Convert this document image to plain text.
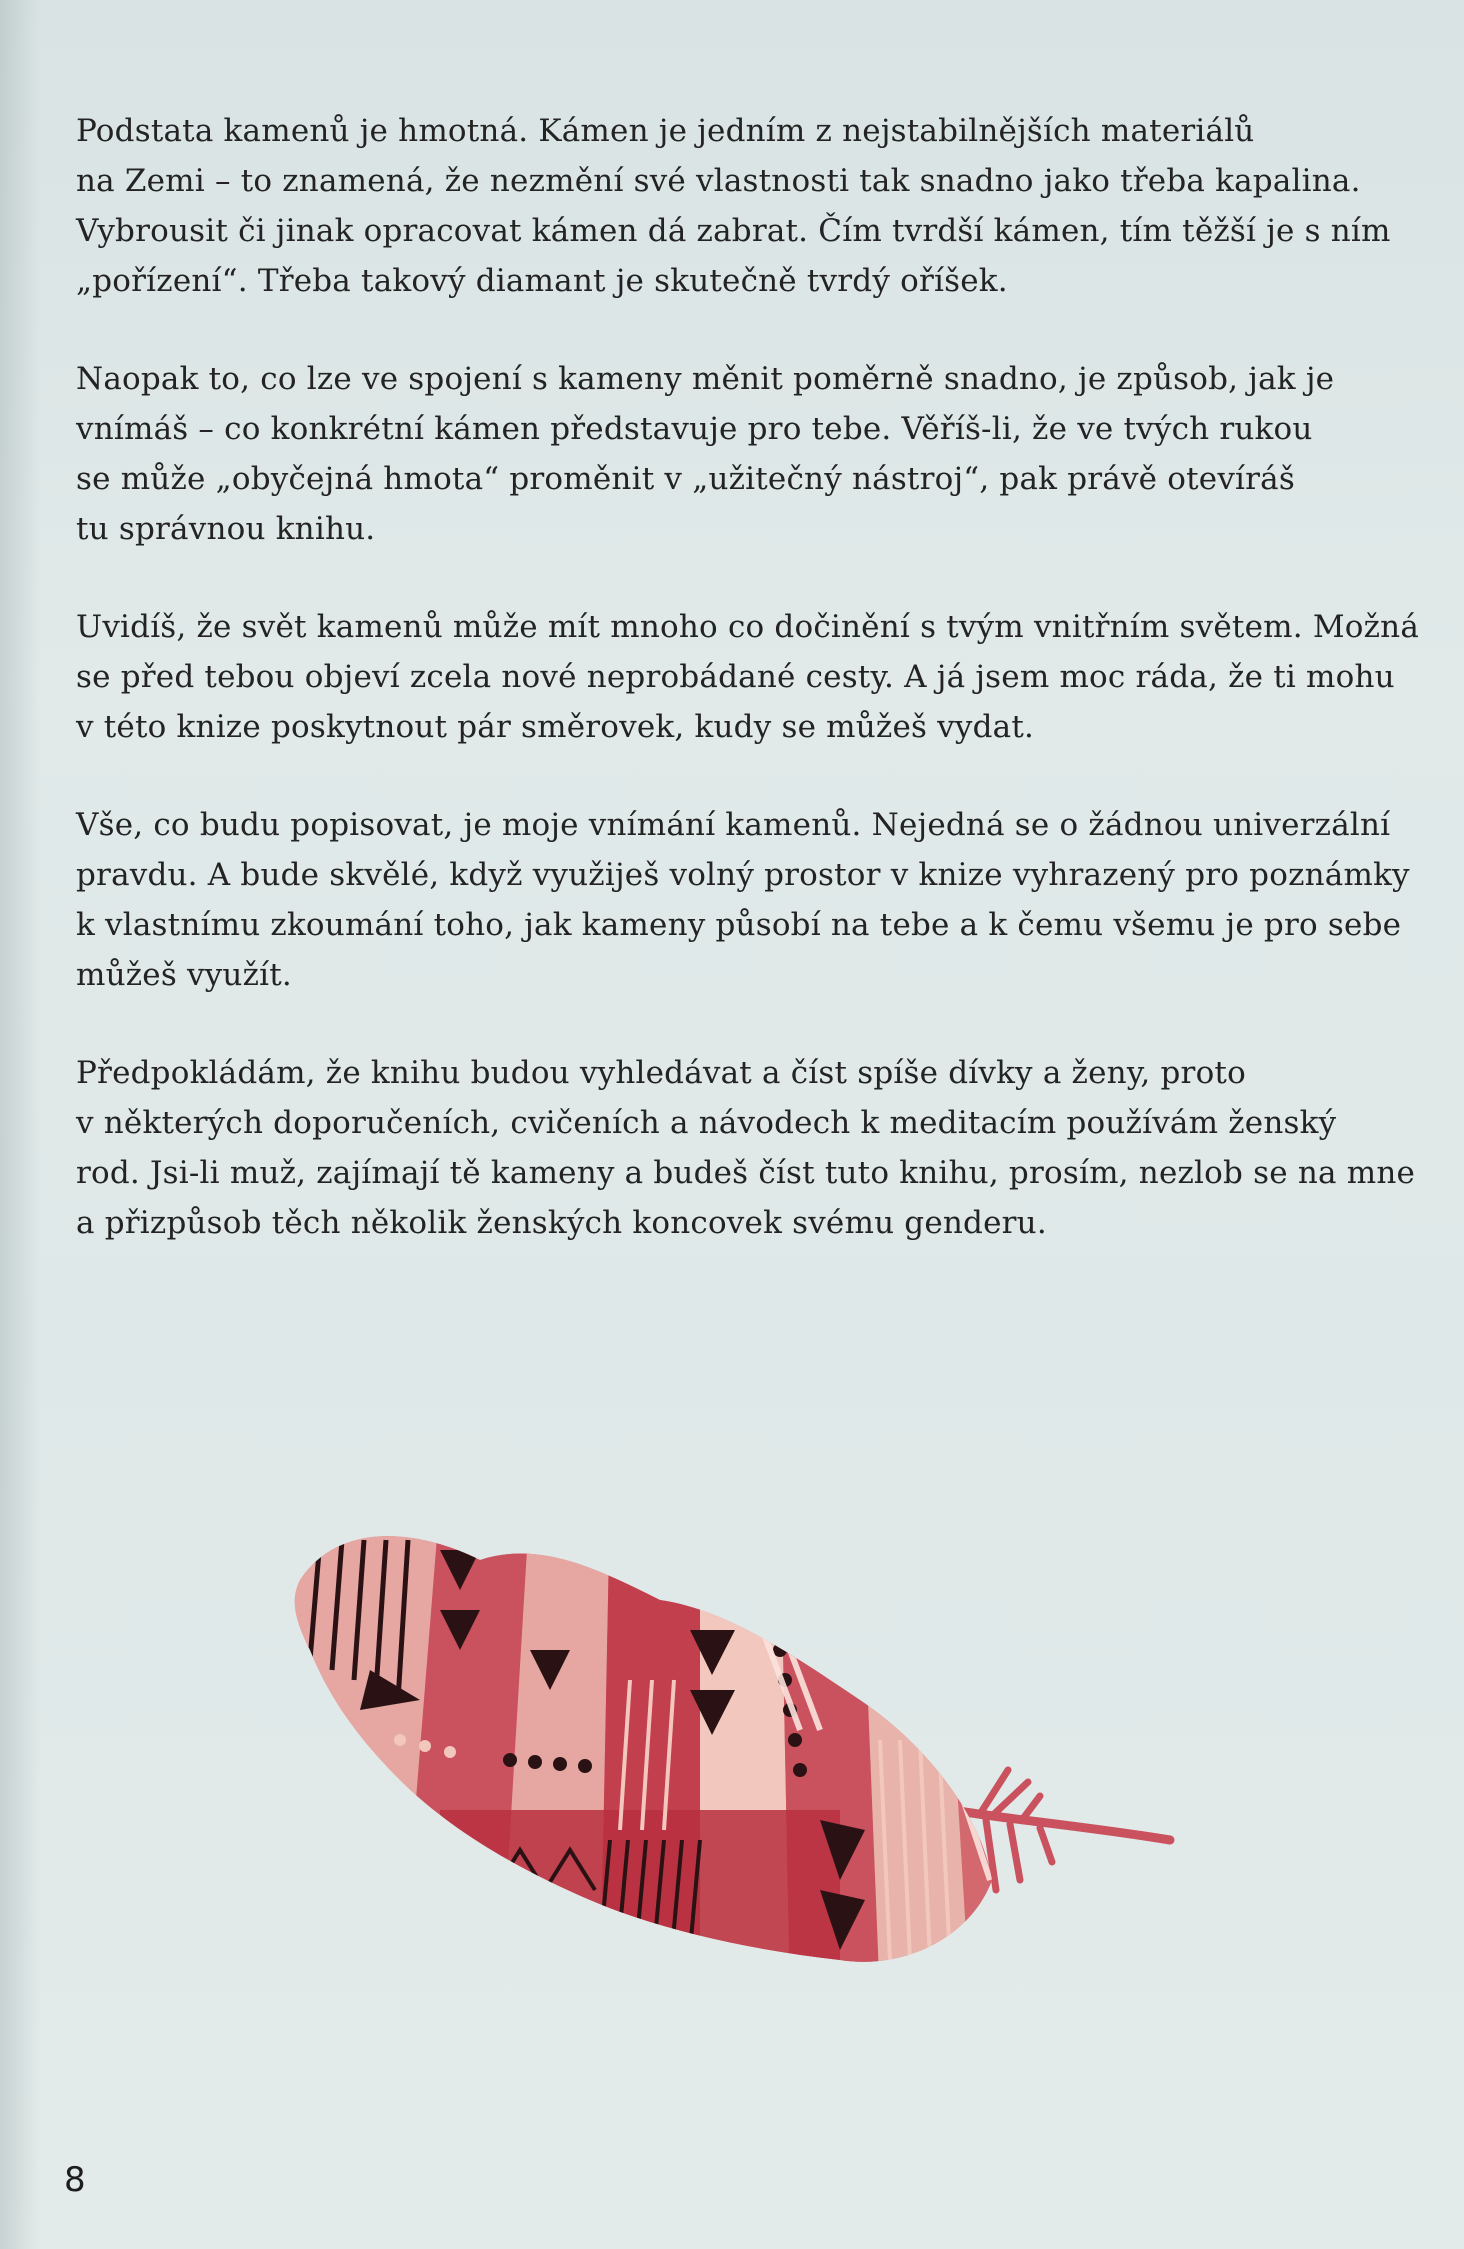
Podstata kamenů je hmotná. Kámen je jedním z nejstabilnějších materiálů
na Zemi – to znamená, že nezmění své vlastnosti tak snadno jako třeba kapalina.
Vybrousit či jinak opracovat kámen dá zabrat. Čím tvrdší kámen, tím těžší je s ním
„pořízení“. Třeba takový diamant je skutečně tvrdý oříšek.

Naopak to, co lze ve spojení s kameny měnit poměrně snadno, je způsob, jak je
vnímáš – co konkrétní kámen představuje pro tebe. Věříš-li, že ve tvých rukou
se může „obyčejná hmota“ proměnit v „užitečný nástroj“, pak právě otevíráš
tu správnou knihu.

Uvidíš, že svět kamenů může mít mnoho co dočinění s tvým vnitřním světem. Možná
se před tebou objeví zcela nové neprobádané cesty. A já jsem moc ráda, že ti mohu
v této knize poskytnout pár směrovek, kudy se můžeš vydat.

Vše, co budu popisovat, je moje vnímání kamenů. Nejedná se o žádnou univerzální
pravdu. A bude skvělé, když využiješ volný prostor v knize vyhrazený pro poznámky
k vlastnímu zkoumání toho, jak kameny působí na tebe a k čemu všemu je pro sebe
můžeš využít.

Předpokládám, že knihu budou vyhledávat a číst spíše dívky a ženy, proto
v některých doporučeních, cvičeních a návodech k meditacím používám ženský
rod. Jsi-li muž, zajímají tě kameny a budeš číst tuto knihu, prosím, nezlob se na mne
a přizpůsob těch několik ženských koncovek svému genderu.

8
